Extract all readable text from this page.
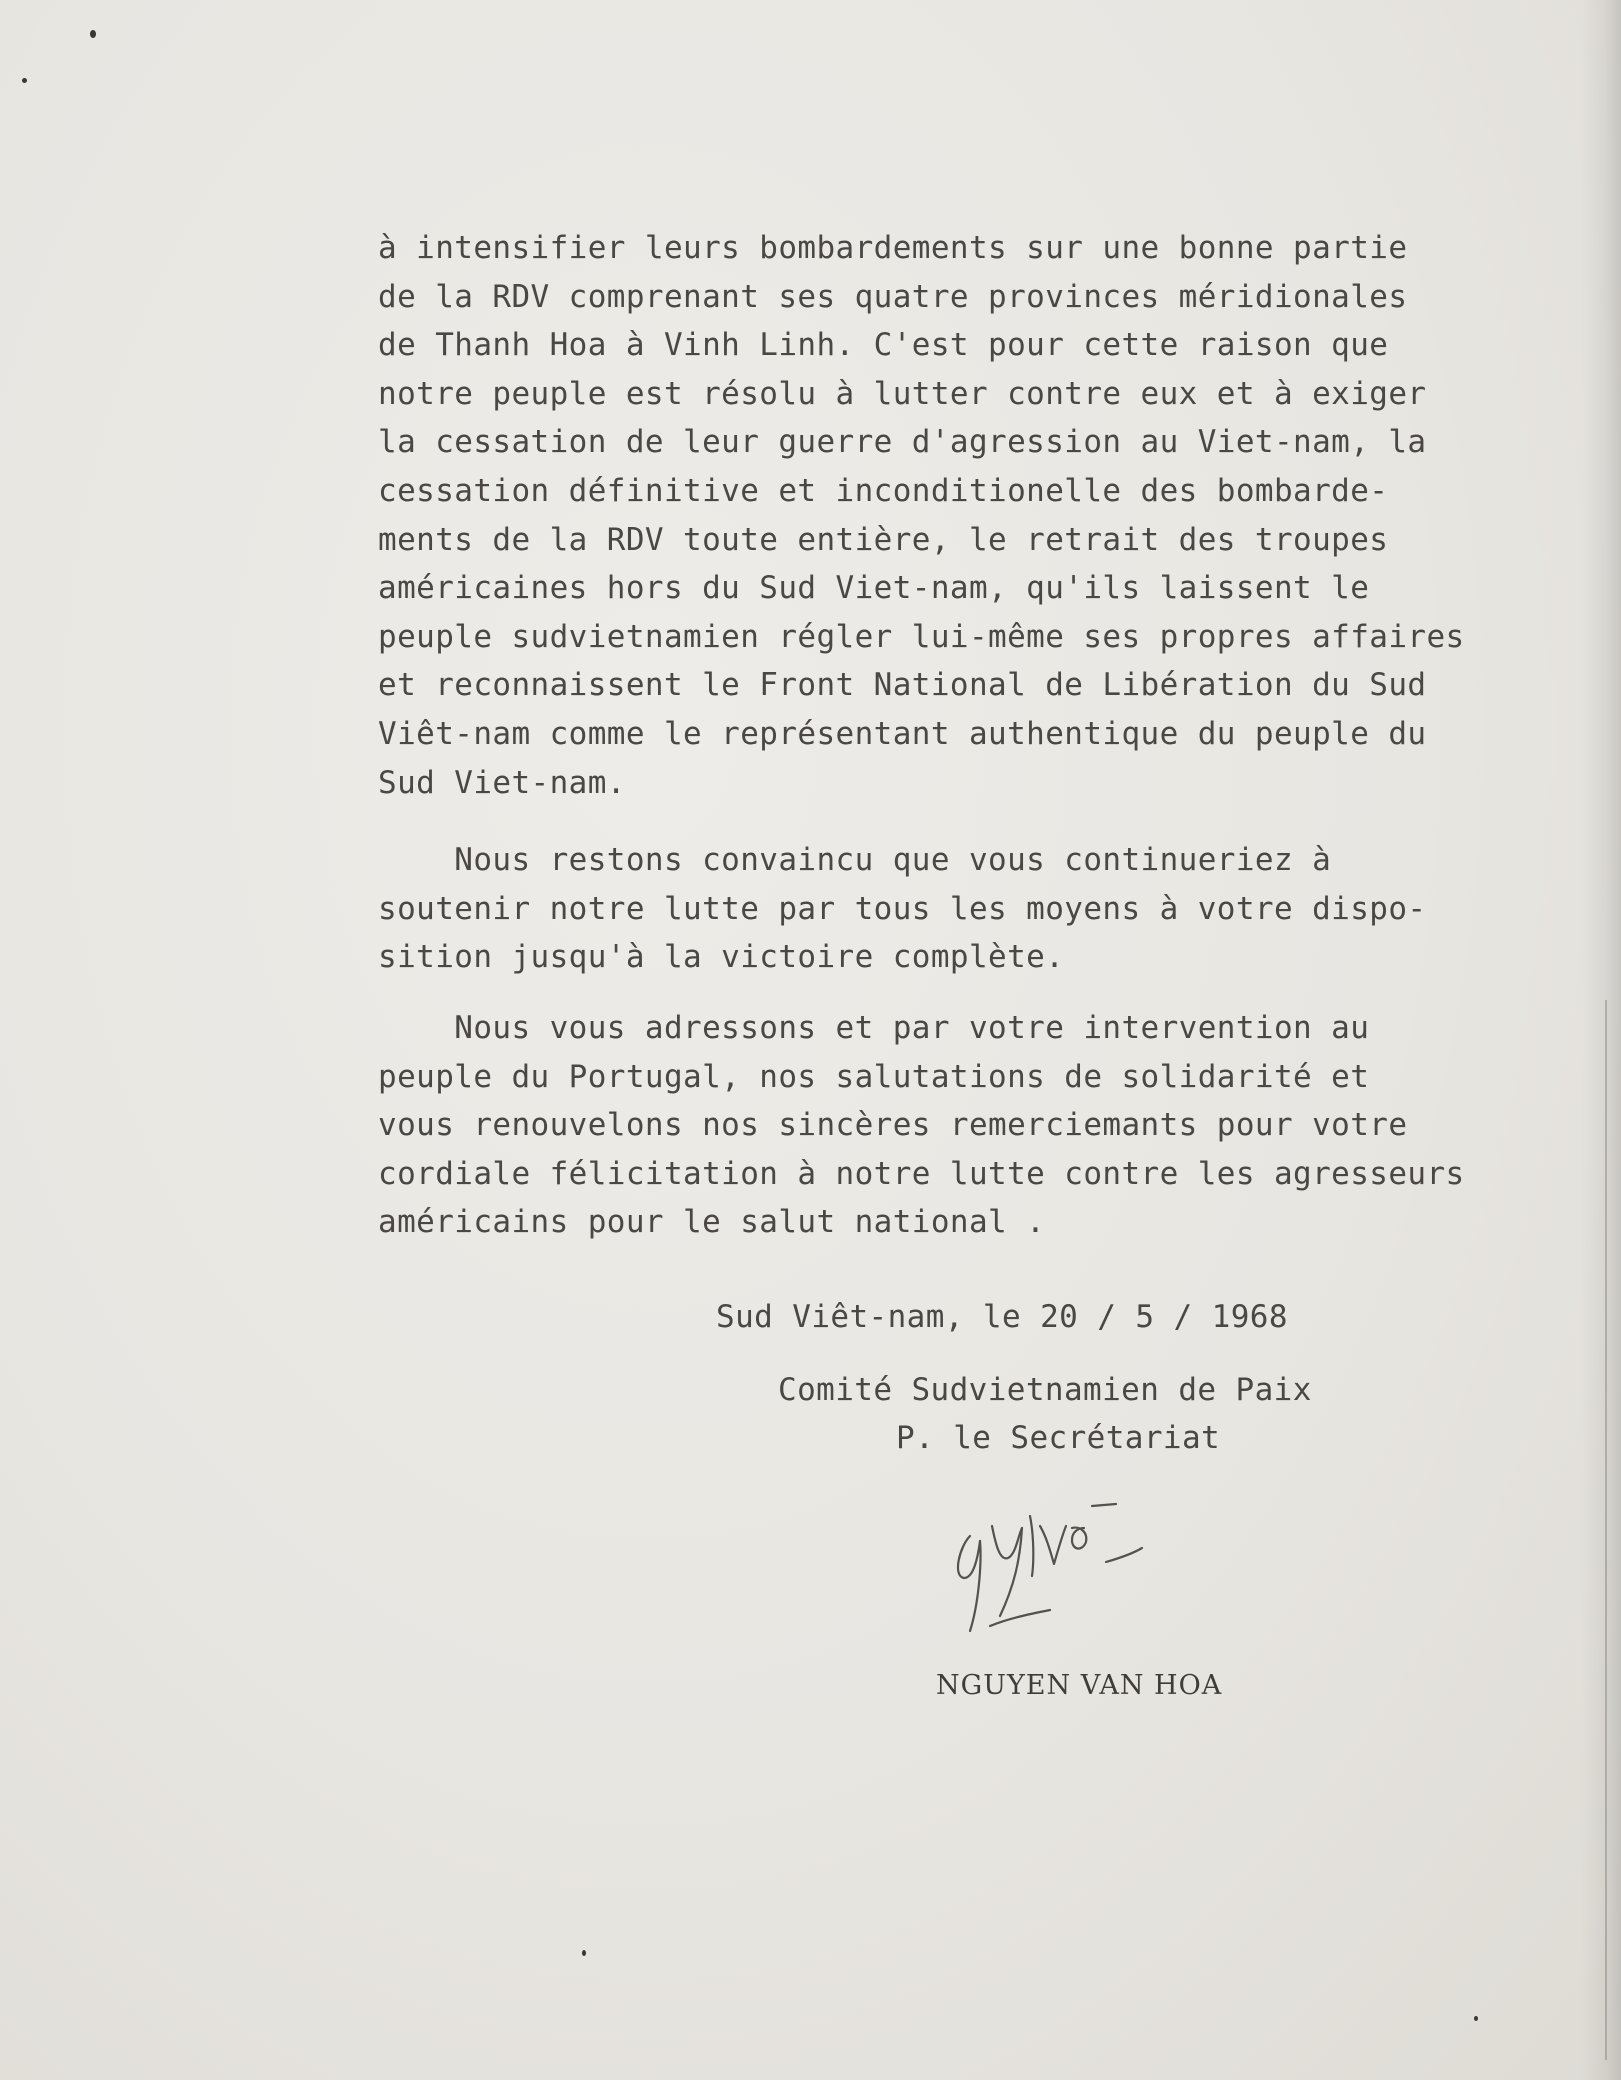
à intensifier leurs bombardements sur une bonne partie
de la RDV comprenant ses quatre provinces méridionales
de Thanh Hoa à Vinh Linh. C'est pour cette raison que
notre peuple est résolu à lutter contre eux et à exiger
la cessation de leur guerre d'agression au Viet-nam, la
cessation définitive et inconditionelle des bombarde-
ments de la RDV toute entière, le retrait des troupes
américaines hors du Sud Viet-nam, qu'ils laissent le
peuple sudvietnamien régler lui-même ses propres affaires
et reconnaissent le Front National de Libération du Sud
Viêt-nam comme le représentant authentique du peuple du
Sud Viet-nam.
Nous restons convaincu que vous continueriez à
soutenir notre lutte par tous les moyens à votre dispo-
sition jusqu'à la victoire complète.
Nous vous adressons et par votre intervention au
peuple du Portugal, nos salutations de solidarité et
vous renouvelons nos sincères remerciemants pour votre
cordiale félicitation à notre lutte contre les agresseurs
américains pour le salut national .
Sud Viêt-nam, le 20 / 5 / 1968
Comité Sudvietnamien de Paix
P. le Secrétariat
NGUYEN VAN HOA
